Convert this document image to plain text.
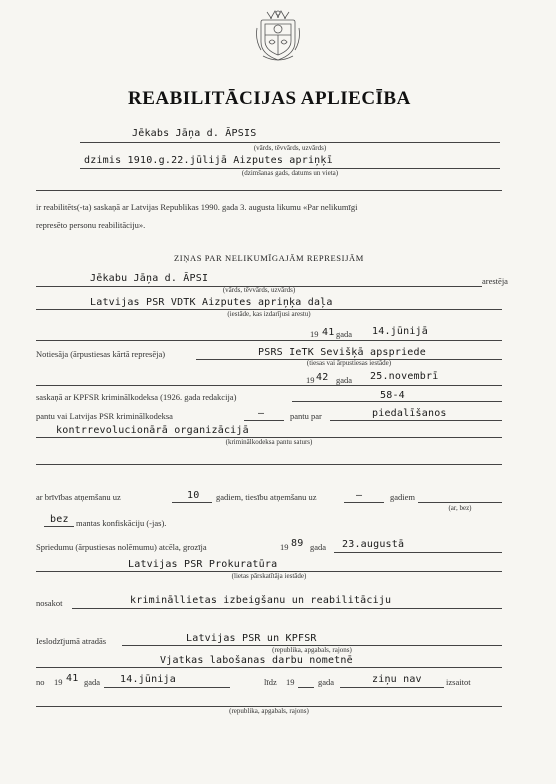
REABILITĀCIJAS APLIECĪBA
Jēkabs Jāņa d. ĀPSIS
(vārds, tēvvārds, uzvārds)
dzimis 1910.g.22.jūlijā Aizputes apriņķī
(dzimšanas gads, datums un vieta)
ir reabilitēts(-ta) saskaņā ar Latvijas Republikas 1990. gada 3. augusta likumu «Par nelikumīgi
represēto personu reabilitāciju».
ZIŅAS PAR NELIKUMĪGAJĀM REPRESIJĀM
Jēkabu Jāņa d. ĀPSI	arestēja
(vārds, tēvvārds, uzvārds)
Latvijas PSR VDTK Aizputes apriņķa daļa
(iestāde, kas izdarījusi arestu)
19 41 gada 14.jūnijā
Notiesāja (ārpustiesas kārtā represēja)	PSRS IeTK Sevišķā apspriede
(tiesas vai ārpustiesas iestāde)
19 42 gada 25.novembrī
saskaņā ar KPFSR kriminālkodeksa (1926. gada redakcija)	58-4
pantu vai Latvijas PSR kriminālkodeksa	—	pantu par	piedalīšanos
kontrrevolucionārā organizācijā
(kriminālkodeksa pantu saturs)
ar brīvības atņemšanu uz	10 gadiem, tiesību atņemšanu uz	—	gadiem
(ar, bez)
bez mantas konfiskāciju (-jas).
Spriedumu (ārpustiesas nolēmumu) atcēla, grozīja	19 89 gada 23.augustā
Latvijas PSR Prokuratūra
(lietas pārskatītāja iestāde)
nosakot	krimināllietas izbeigšanu un reabilitāciju
Ieslodzījumā atradās	Latvijas PSR un KPFSR
(republika, apgabals, rajons)
Vjatkas labošanas darbu nometnē
no 19 41 gada 14.jūnija	līdz 19	gada	ziņu nav	izsaitot
(republika, apgabals, rajons)
